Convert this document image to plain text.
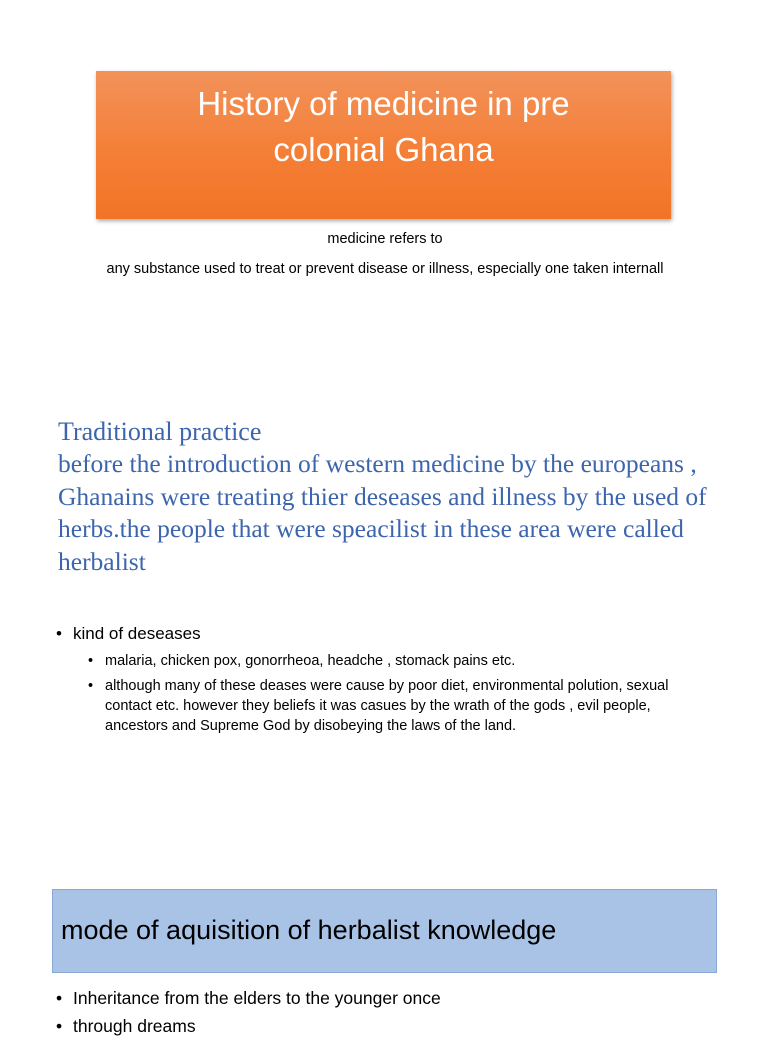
History of medicine in pre

colonial Ghana

medicine refers to

any substance used to treat or prevent disease or illness, especially one taken internall

Traditional practice

before the introduction of western medicine by the europeans , Ghanains were treating thier deseases and illness by the used of herbs.the people that were speacilist in these area were called herbalist

• kind of deseases
• malaria, chicken pox, gonorrheoa, headche , stomack pains etc.
• although many of these deases were cause by poor diet, environmental polution, sexual contact etc. however they beliefs it was casues by the wrath of the gods , evil people, ancestors and Supreme God by disobeying the laws of the land.
mode of aquisition of herbalist knowledge
• Inheritance from the elders to the younger once
• through dreams
